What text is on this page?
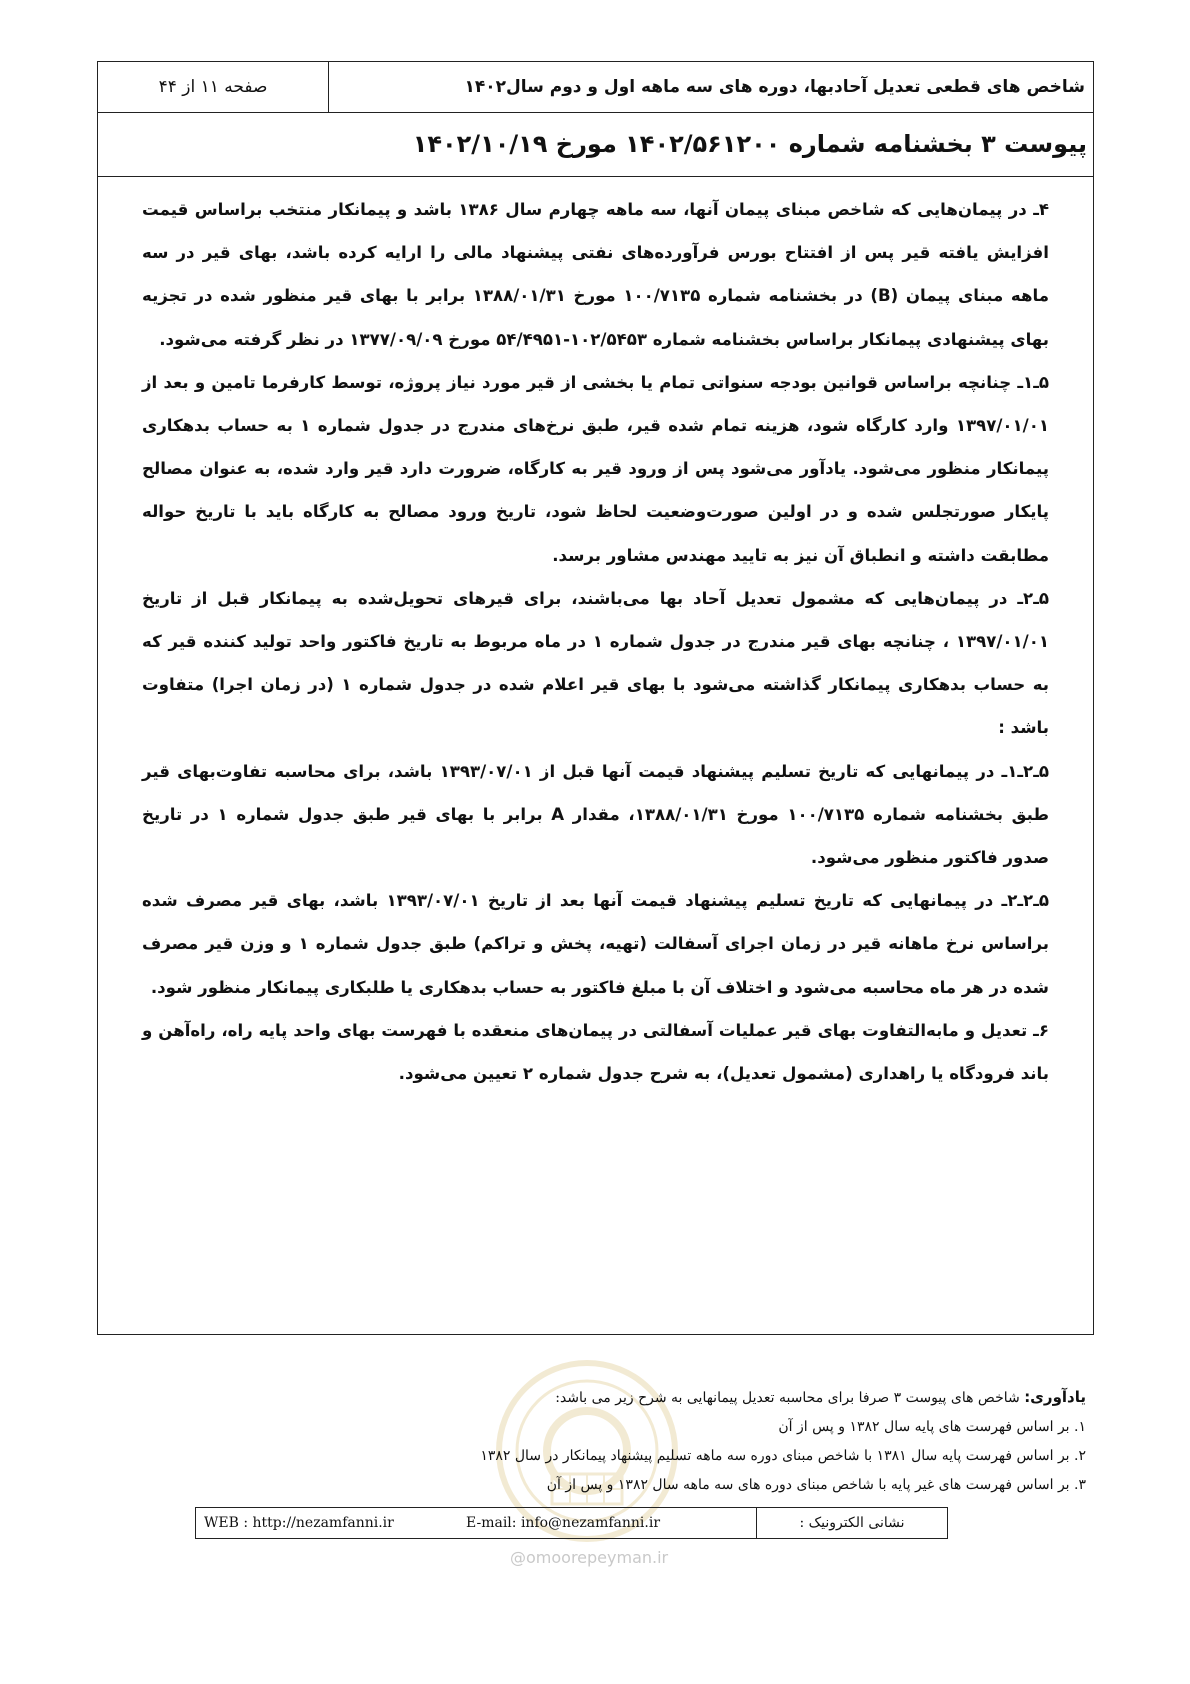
شاخص های قطعی تعدیل آحادبها، دوره های سه ماهه اول و دوم سال۱۴۰۲
صفحه ۱۱ از ۴۴
پیوست ۳ بخشنامه شماره ۱۴۰۲/۵۶۱۲۰۰ مورخ ۱۴۰۲/۱۰/۱۹

۴ـ در پیمان‌هایی که شاخص مبنای پیمان آنها، سه ماهه چهارم سال ۱۳۸۶ باشد و پیمانکار منتخب براساس قیمت افزایش یافته قیر پس از افتتاح بورس فرآورده‌های نفتی پیشنهاد مالی را ارایه کرده باشد، بهای قیر در سه ماهه مبنای پیمان (B) در بخشنامه شماره ۱۰۰/۷۱۳۵ مورخ ۱۳۸۸/۰۱/۳۱ برابر با بهای قیر منظور شده در تجزیه بهای پیشنهادی پیمانکار براساس بخشنامه شماره ۱۰۲/۵۴۵۳-۵۴/۴۹۵۱ مورخ ۱۳۷۷/۰۹/۰۹ در نظر گرفته می‌شود.

۵ـ۱ـ چنانچه براساس قوانین بودجه سنواتی تمام یا بخشی از قیر مورد نیاز پروژه، توسط کارفرما تامین و بعد از ۱۳۹۷/۰۱/۰۱ وارد کارگاه شود، هزینه تمام شده قیر، طبق نرخ‌های مندرج در جدول شماره ۱ به حساب بدهکاری پیمانکار منظور می‌شود. یادآور می‌شود پس از ورود قیر به کارگاه، ضرورت دارد قیر وارد شده، به عنوان مصالح پایکار صورتجلس شده و در اولین صورت‌وضعیت لحاظ شود، تاریخ ورود مصالح به کارگاه باید با تاریخ حواله مطابقت داشته و انطباق آن نیز به تایید مهندس مشاور برسد.

۵ـ۲ـ در پیمان‌هایی که مشمول تعدیل آحاد بها می‌باشند، برای قیرهای تحویل‌شده به پیمانکار قبل از تاریخ ۱۳۹۷/۰۱/۰۱ ، چنانچه بهای قیر مندرج در جدول شماره ۱ در ماه مربوط به تاریخ فاکتور واحد تولید کننده قیر که به حساب بدهکاری پیمانکار گذاشته می‌شود با بهای قیر اعلام شده در جدول شماره ۱ (در زمان اجرا) متفاوت باشد :

۵ـ۲ـ۱ـ در پیمانهایی که تاریخ تسلیم پیشنهاد قیمت آنها قبل از ۱۳۹۳/۰۷/۰۱ باشد، برای محاسبه تفاوت‌بهای قیر طبق بخشنامه شماره ۱۰۰/۷۱۳۵ مورخ ۱۳۸۸/۰۱/۳۱، مقدار A برابر با بهای قیر طبق جدول شماره ۱ در تاریخ صدور فاکتور منظور می‌شود.

۵ـ۲ـ۲ـ در پیمانهایی که تاریخ تسلیم پیشنهاد قیمت آنها بعد از تاریخ ۱۳۹۳/۰۷/۰۱ باشد، بهای قیر مصرف شده براساس نرخ ماهانه قیر در زمان اجرای آسفالت (تهیه، پخش و تراکم) طبق جدول شماره ۱ و وزن قیر مصرف شده در هر ماه محاسبه می‌شود و اختلاف آن با مبلغ فاکتور به حساب بدهکاری یا طلبکاری پیمانکار منظور شود.

۶ـ تعدیل و مابه‌التفاوت بهای قیر عملیات آسفالتی در پیمان‌های منعقده با فهرست بهای واحد پایه راه، راه‌آهن و باند فرودگاه یا راهداری (مشمول تعدیل)، به شرح جدول شماره ۲ تعیین می‌شود.

یادآوری: شاخص های پیوست ۳ صرفا برای محاسبه تعدیل پیمانهایی به شرح زیر می باشد:

۱. بر اساس فهرست های پایه سال ۱۳۸۲ و پس از آن

۲. بر اساس فهرست پایه سال ۱۳۸۱ با شاخص مبنای دوره سه ماهه تسلیم پیشنهاد پیمانکار در سال ۱۳۸۲

۳. بر اساس فهرست های غیر پایه با شاخص مبنای دوره های سه ماهه سال ۱۳۸۲ و پس از آن

نشانی الکترونیک :
E-mail: info@nezamfanni.ir
WEB : http://nezamfanni.ir
@omoorepeyman.ir
